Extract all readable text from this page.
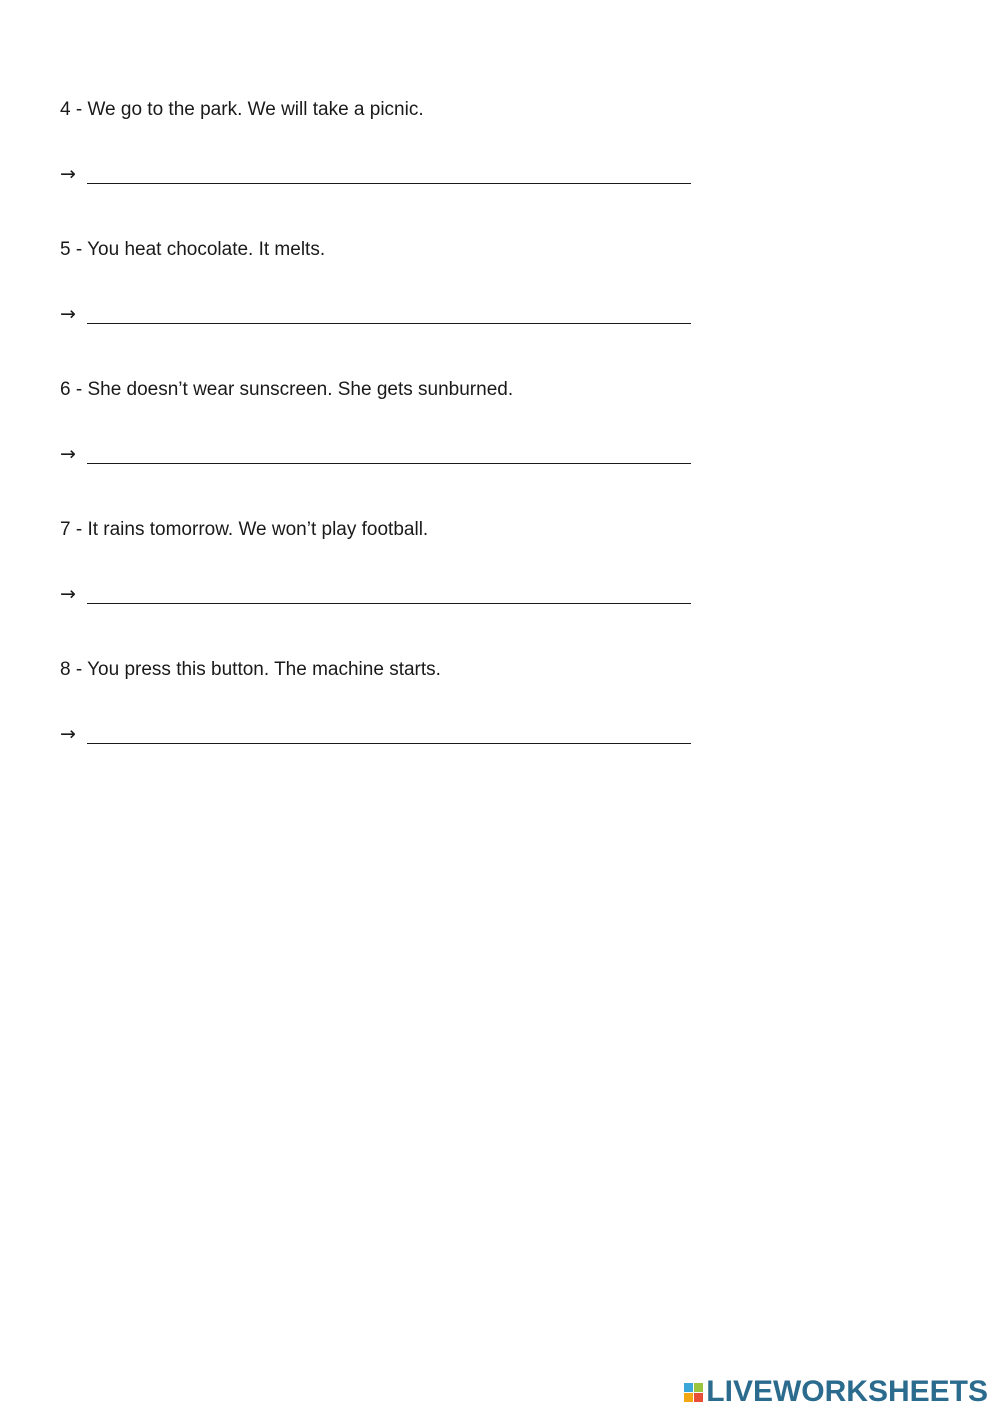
4 - We go to the park. We will take a picnic.
→
5 - You heat chocolate. It melts.
→
6 - She doesn’t wear sunscreen. She gets sunburned.
→
7 - It rains tomorrow. We won’t play football.
→
8 - You press this button. The machine starts.
→
LIVEWORKSHEETS
